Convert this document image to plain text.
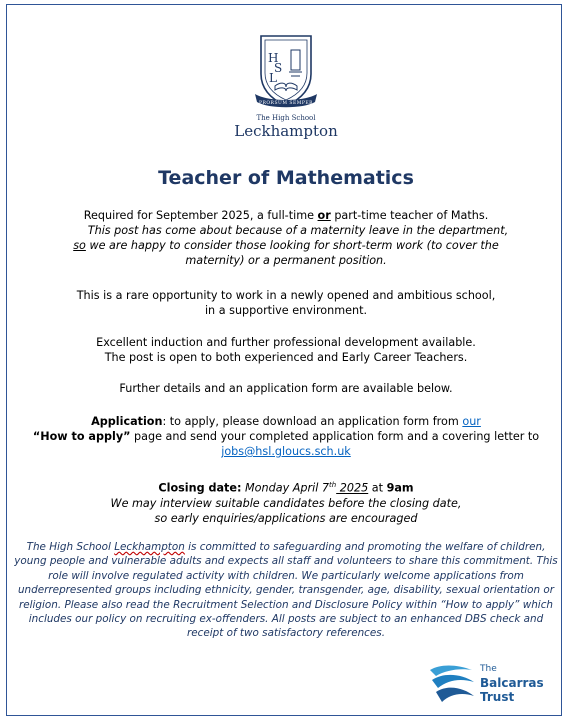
H
S
L
PRORSUM SEMPER
The High School
Leckhampton
Teacher of Mathematics
Required for September 2025, a full-time or part-time teacher of Maths.
This post has come about because of a maternity leave in the department,
so we are happy to consider those looking for short-term work (to cover the
maternity) or a permanent position.
This is a rare opportunity to work in a newly opened and ambitious school,
in a supportive environment.
Excellent induction and further professional development available.
The post is open to both experienced and Early Career Teachers.
Further details and an application form are available below.
Application: to apply, please download an application form from our
“How to apply” page and send your completed application form and a covering letter to
jobs@hsl.gloucs.sch.uk
Closing date: Monday April 7th 2025 at 9am
We may interview suitable candidates before the closing date,
so early enquiries/applications are encouraged
The High School Leckhampton is committed to safeguarding and promoting the welfare of children, young people and vulnerable adults and expects all staff and volunteers to share this commitment. This role will involve regulated activity with children. We particularly welcome applications from underrepresented groups including ethnicity, gender, transgender, age, disability, sexual orientation or religion. Please also read the Recruitment Selection and Disclosure Policy within “How to apply” which includes our policy on recruiting ex-offenders. All posts are subject to an enhanced DBS check and receipt of two satisfactory references.
The
Balcarras
Trust
